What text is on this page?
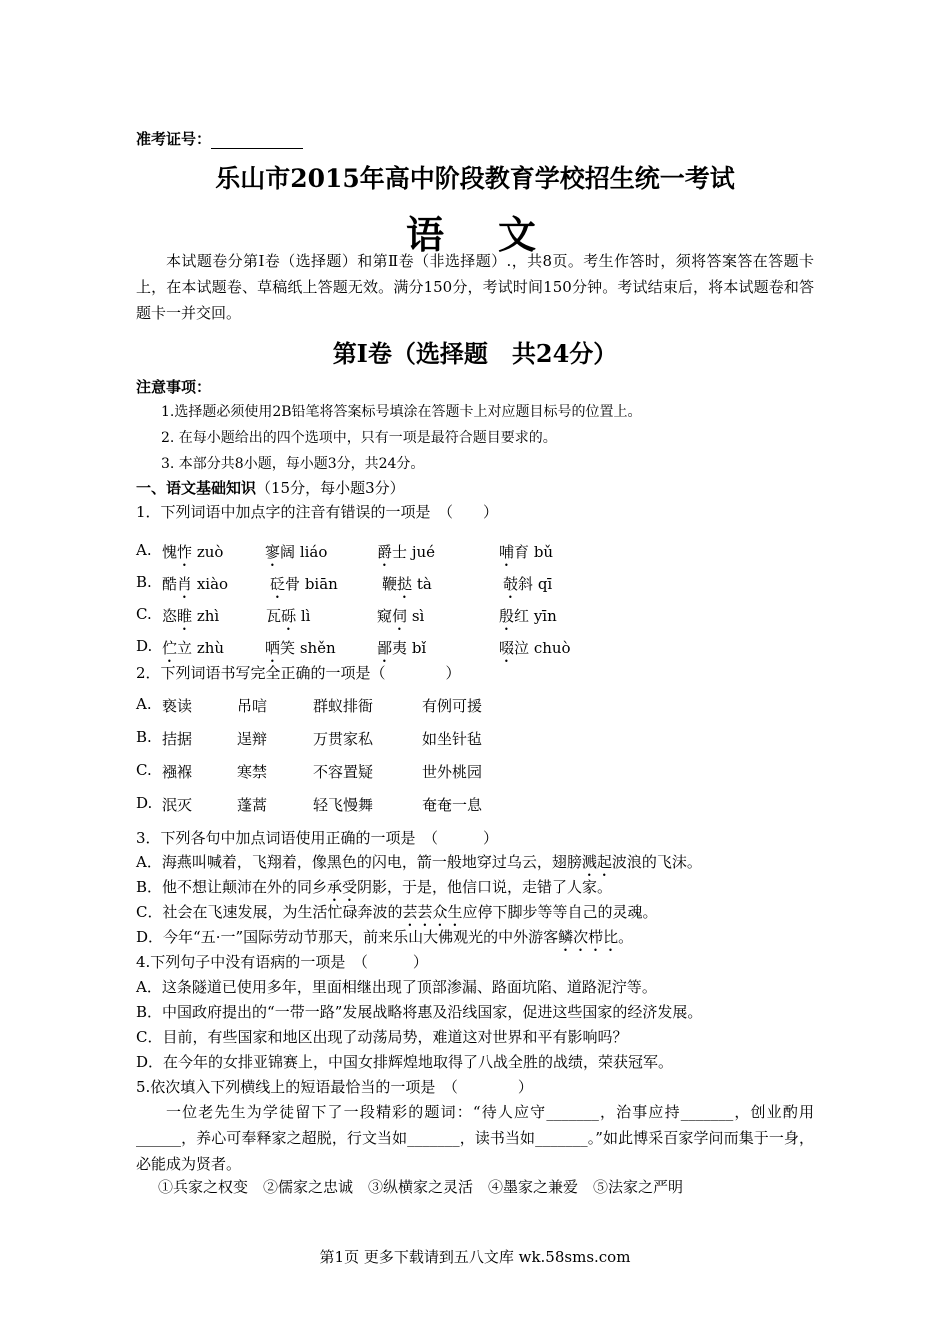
准考证号：
乐山市2015年高中阶段教育学校招生统一考试
语　文
本试题卷分第Ⅰ卷（选择题）和第Ⅱ卷（非选择题）.，共8页。考生作答时，须将答案答在答题卡上，在本试题卷、草稿纸上答题无效。满分150分，考试时间150分钟。考试结束后，将本试题卷和答题卡一并交回。
第Ⅰ卷（选择题　共24分）
注意事项：
1.选择题必须使用2B铅笔将答案标号填涂在答题卡上对应题目标号的位置上。
2. 在每小题给出的四个选项中，只有一项是最符合题目要求的。
3. 本部分共8小题，每小题3分，共24分。
一、语文基础知识（15分，每小题3分）
1．下列词语中加点字的注音有错误的一项是　（　　）
A. 愧怍 zuò	寥阔 liáo	爵士 jué	哺育 bǔ
B. 酷肖 xiào	砭骨 biān	鞭挞 tà	攲斜 qī
C. 恣睢 zhì	瓦砾 lì	窥伺 sì	殷红 yīn
D. 伫立 zhù	哂笑 shěn	鄙夷 bǐ	啜泣 chuò
2．下列词语书写完全正确的一项是（　　　　）
A. 亵读	吊唁	群蚁排衙	有例可援
B. 拮据	逞辩	万贯家私	如坐针毡
C. 襁褓	寒禁	不容置疑	世外桃园
D. 泯灭	蓬蒿	轻飞慢舞	奄奄一息
3．下列各句中加点词语使用正确的一项是　（　　　）
A．海燕叫喊着，飞翔着，像黑色的闪电，箭一般地穿过乌云，翅膀溅起波浪的飞沫。
B．他不想让颠沛在外的同乡承受阴影，于是，他信口说，走错了人家。
C．社会在飞速发展，为生活忙碌奔波的芸芸众生应停下脚步等等自己的灵魂。
D．今年“五·一”国际劳动节那天，前来乐山大佛观光的中外游客鳞次栉比。
4.下列句子中没有语病的一项是　（　　　）
A．这条隧道已使用多年，里面相继出现了顶部渗漏、路面坑陷、道路泥泞等。
B．中国政府提出的“一带一路”发展战略将惠及沿线国家，促进这些国家的经济发展。
C．目前，有些国家和地区出现了动荡局势，难道这对世界和平有影响吗？
D．在今年的女排亚锦赛上，中国女排辉煌地取得了八战全胜的战绩，荣获冠军。
5.依次填入下列横线上的短语最恰当的一项是　（　　　　）
一位老先生为学徒留下了一段精彩的题词：“待人应守_______，治事应持_______，创业酌用______，养心可奉释家之超脱，行文当如_______，读书当如_______。”如此博采百家学问而集于一身，必能成为贤者。
①兵家之权变　②儒家之忠诚　③纵横家之灵活　④墨家之兼爱　⑤法家之严明
第1页 更多下载请到五八文库 wk.58sms.com
